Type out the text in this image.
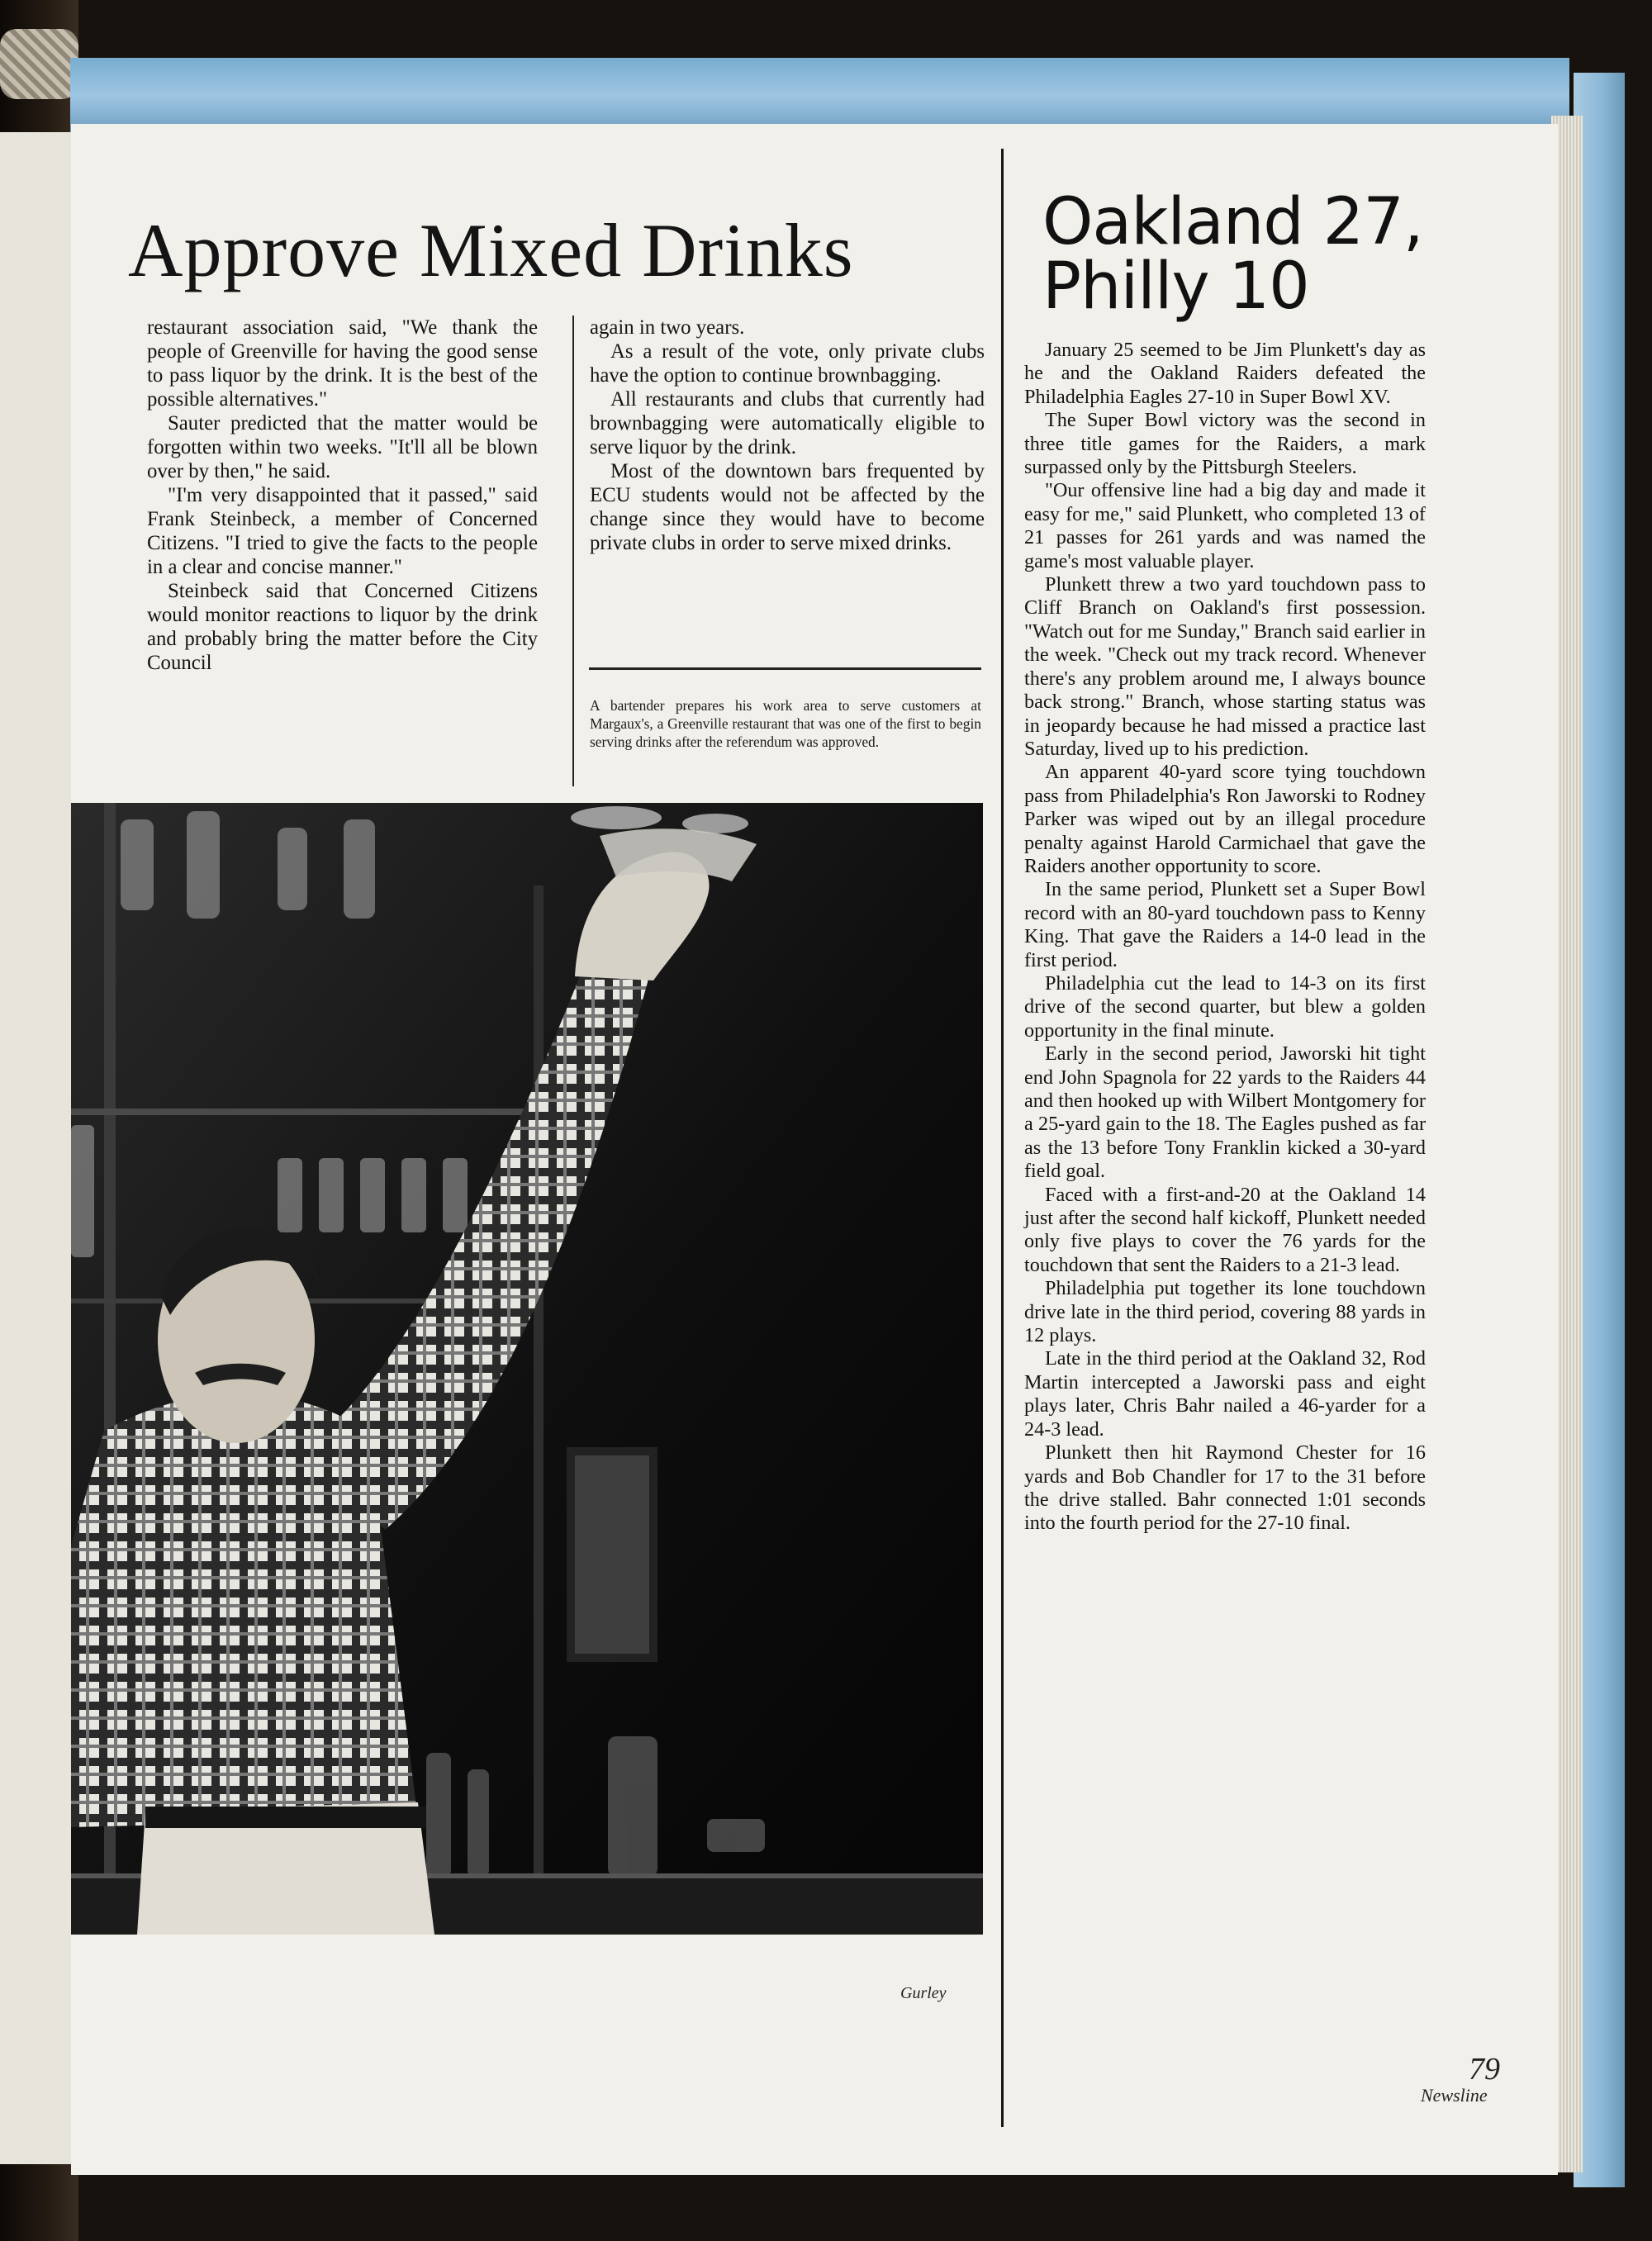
Approve Mixed Drinks

restaurant association said, "We thank the people of Greenville for having the good sense to pass liquor by the drink. It is the best of the possible alternatives."

Sauter predicted that the matter would be forgotten within two weeks. "It'll all be blown over by then," he said.

"I'm very disappointed that it passed," said Frank Steinbeck, a member of Concerned Citizens. "I tried to give the facts to the people in a clear and concise manner."

Steinbeck said that Concerned Citizens would monitor reactions to liquor by the drink and probably bring the matter before the City Council

again in two years.

As a result of the vote, only private clubs have the option to continue brownbagging.

All restaurants and clubs that currently had brownbagging were automatically eligible to serve liquor by the drink.

Most of the downtown bars frequented by ECU students would not be affected by the change since they would have to become private clubs in order to serve mixed drinks.

A bartender prepares his work area to serve customers at Margaux's, a Greenville restaurant that was one of the first to begin serving drinks after the referendum was approved.

Gurley
Oakland 27,
Philly 10

January 25 seemed to be Jim Plunkett's day as he and the Oakland Raiders defeated the Philadelphia Eagles 27-10 in Super Bowl XV.

The Super Bowl victory was the second in three title games for the Raiders, a mark surpassed only by the Pittsburgh Steelers.

"Our offensive line had a big day and made it easy for me," said Plunkett, who completed 13 of 21 passes for 261 yards and was named the game's most valuable player.

Plunkett threw a two yard touchdown pass to Cliff Branch on Oakland's first possession. "Watch out for me Sunday," Branch said earlier in the week. "Check out my track record. Whenever there's any problem around me, I always bounce back strong." Branch, whose starting status was in jeopardy because he had missed a practice last Saturday, lived up to his prediction.

An apparent 40-yard score tying touchdown pass from Philadelphia's Ron Jaworski to Rodney Parker was wiped out by an illegal procedure penalty against Harold Carmichael that gave the Raiders another opportunity to score.

In the same period, Plunkett set a Super Bowl record with an 80-yard touchdown pass to Kenny King. That gave the Raiders a 14-0 lead in the first period.

Philadelphia cut the lead to 14-3 on its first drive of the second quarter, but blew a golden opportunity in the final minute.

Early in the second period, Jaworski hit tight end John Spagnola for 22 yards to the Raiders 44 and then hooked up with Wilbert Montgomery for a 25-yard gain to the 18. The Eagles pushed as far as the 13 before Tony Franklin kicked a 30-yard field goal.

Faced with a first-and-20 at the Oakland 14 just after the second half kickoff, Plunkett needed only five plays to cover the 76 yards for the touchdown that sent the Raiders to a 21-3 lead.

Philadelphia put together its lone touchdown drive late in the third period, covering 88 yards in 12 plays.

Late in the third period at the Oakland 32, Rod Martin intercepted a Jaworski pass and eight plays later, Chris Bahr nailed a 46-yarder for a 24-3 lead.

Plunkett then hit Raymond Chester for 16 yards and Bob Chandler for 17 to the 31 before the drive stalled. Bahr connected 1:01 seconds into the fourth period for the 27-10 final.

79
Newsline
